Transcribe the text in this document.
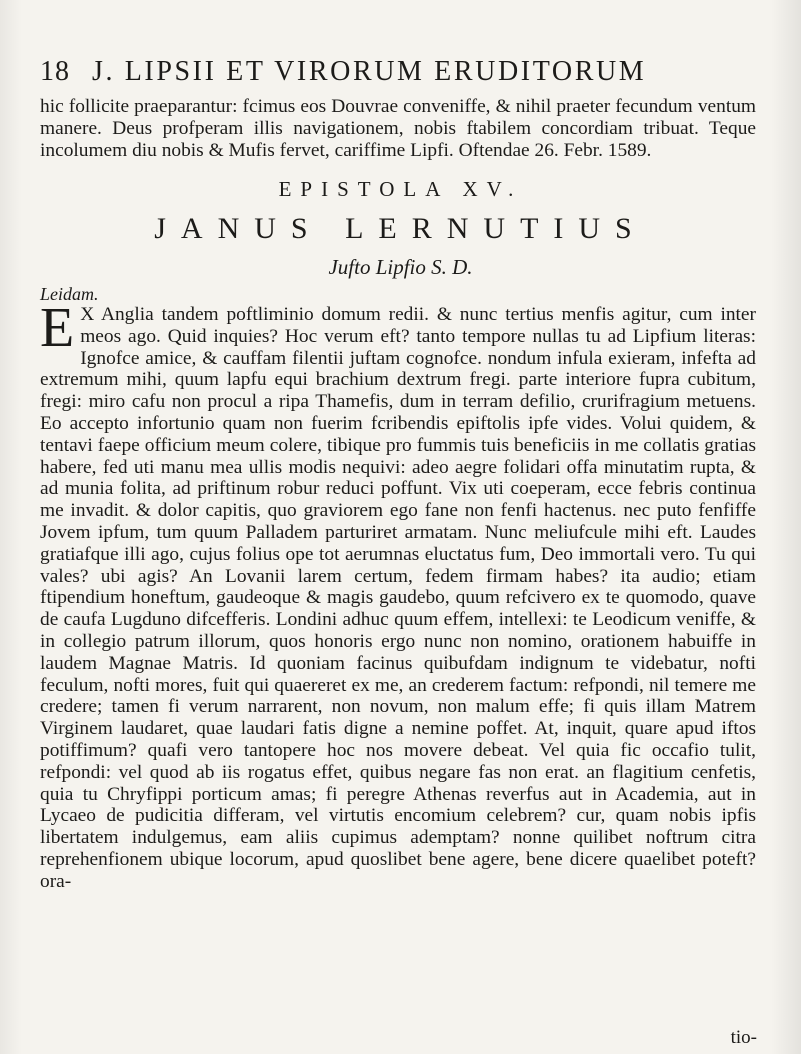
18 J. LIPSII ET VIRORUM ERUDITORUM

hic follicite praeparantur: fcimus eos Douvrae conveniffe, & nihil praeter fecundum ventum manere. Deus profperam illis navigationem, nobis ftabilem concordiam tribuat. Teque incolumem diu nobis & Mufis fervet, cariffime Lipfi. Oftendae 26. Febr. 1589.

EPISTOLA XV.
JANUS LERNUTIUS
Jufto Lipfio S. D.
Leidam.
E X Anglia tandem poftliminio domum redii. & nunc tertius menfis agitur, cum inter meos ago. Quid inquies? Hoc verum eft? tanto tempore nullas tu ad Lipfium literas: Ignofce amice, & cauffam filentii juftam cognofce. nondum infula exieram, infefta ad extremum mihi, quum lapfu equi brachium dextrum fregi. parte interiore fupra cubitum, fregi: miro cafu non procul a ripa Thamefis, dum in terram defilio, crurifragium metuens. Eo accepto infortunio quam non fuerim fcribendis epiftolis ipfe vides. Volui quidem, & tentavi faepe officium meum colere, tibique pro fummis tuis beneficiis in me collatis gratias habere, fed uti manu mea ullis modis nequivi: adeo aegre folidari offa minutatim rupta, & ad munia folita, ad priftinum robur reduci poffunt. Vix uti coeperam, ecce febris continua me invadit. & dolor capitis, quo graviorem ego fane non fenfi hactenus. nec puto fenfiffe Jovem ipfum, tum quum Palladem parturiret armatam. Nunc meliufcule mihi eft. Laudes gratiafque illi ago, cujus folius ope tot aerumnas eluctatus fum, Deo immortali vero. Tu qui vales? ubi agis? An Lovanii larem certum, fedem firmam habes? ita audio; etiam ftipendium honeftum, gaudeoque & magis gaudebo, quum refcivero ex te quomodo, quave de caufa Lugduno difcefferis. Londini adhuc quum effem, intellexi: te Leodicum veniffe, & in collegio patrum illorum, quos honoris ergo nunc non nomino, orationem habuiffe in laudem Magnae Matris. Id quoniam facinus quibufdam indignum te videbatur, nofti feculum, nofti mores, fuit qui quaereret ex me, an crederem factum: refpondi, nil temere me credere; tamen fi verum narrarent, non novum, non malum effe; fi quis illam Matrem Virginem laudaret, quae laudari fatis digne a nemine poffet. At, inquit, quare apud iftos potiffimum? quafi vero tantopere hoc nos movere debeat. Vel quia fic occafio tulit, refpondi: vel quod ab iis rogatus effet, quibus negare fas non erat. an flagitium cenfetis, quia tu Chryfippi porticum amas; fi peregre Athenas reverfus aut in Academia, aut in Lycaeo de pudicitia differam, vel virtutis encomium celebrem? cur, quam nobis ipfis libertatem indulgemus, eam aliis cupimus ademptam? nonne quilibet noftrum citra reprehenfionem ubique locorum, apud quoslibet bene agere, bene dicere quaelibet poteft? ora-
tio-
